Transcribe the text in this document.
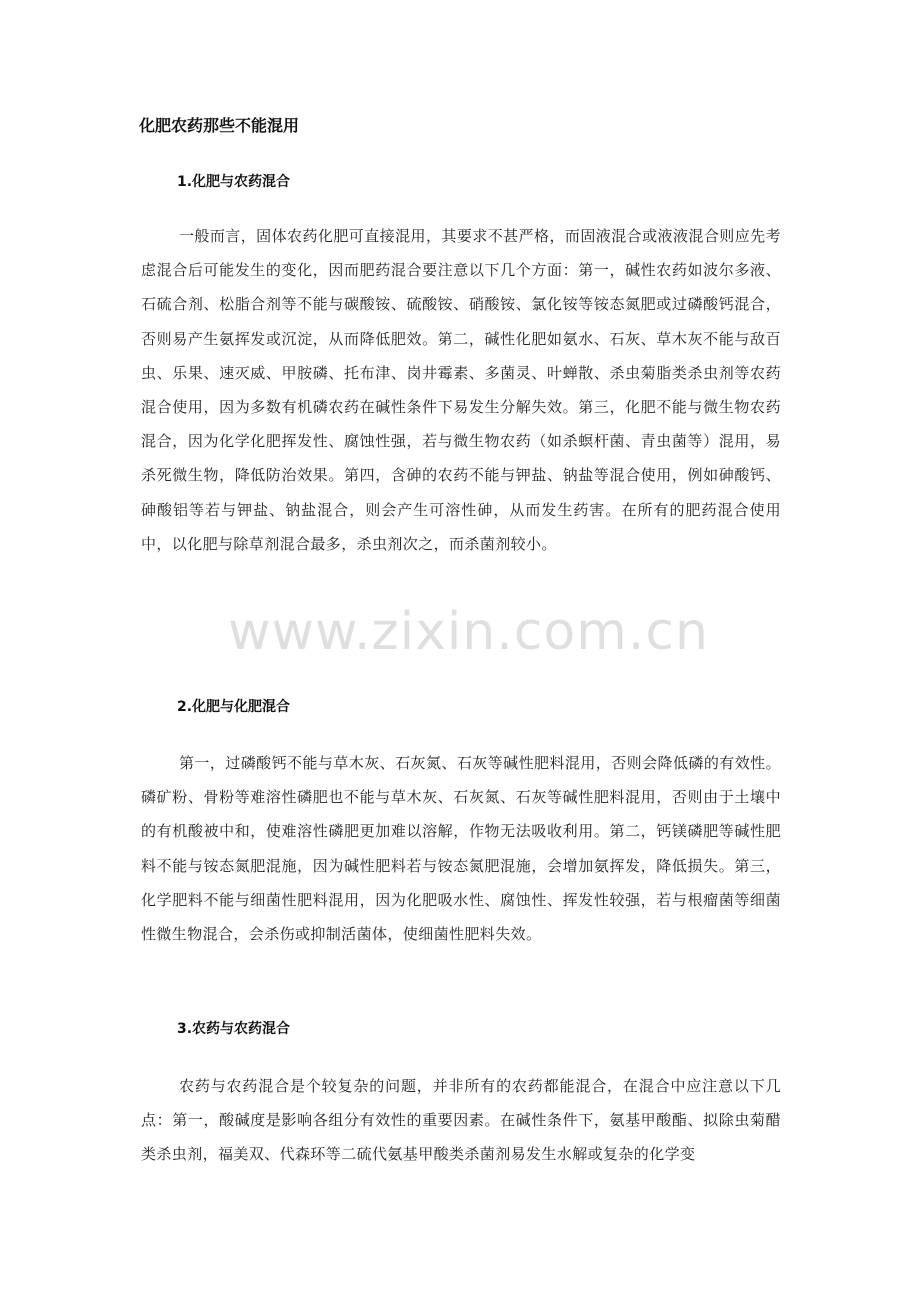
化肥农药那些不能混用
1.化肥与农药混合

一般而言，固体农药化肥可直接混用，其要求不甚严格，而固液混合或液液混合则应先考虑混合后可能发生的变化，因而肥药混合要注意以下几个方面：第一，碱性农药如波尔多液、石硫合剂、松脂合剂等不能与碳酸铵、硫酸铵、硝酸铵、氯化铵等铵态氮肥或过磷酸钙混合，否则易产生氨挥发或沉淀，从而降低肥效。第二，碱性化肥如氨水、石灰、草木灰不能与敌百虫、乐果、速灭威、甲胺磷、托布津、岗井霉素、多菌灵、叶蝉散、杀虫菊脂类杀虫剂等农药混合使用，因为多数有机磷农药在碱性条件下易发生分解失效。第三，化肥不能与微生物农药混合，因为化学化肥挥发性、腐蚀性强，若与微生物农药（如杀螟杆菌、青虫菌等）混用，易杀死微生物，降低防治效果。第四，含砷的农药不能与钾盐、钠盐等混合使用，例如砷酸钙、砷酸铝等若与钾盐、钠盐混合，则会产生可溶性砷，从而发生药害。在所有的肥药混合使用中，以化肥与除草剂混合最多，杀虫剂次之，而杀菌剂较小。

2.化肥与化肥混合

第一，过磷酸钙不能与草木灰、石灰氮、石灰等碱性肥料混用，否则会降低磷的有效性。磷矿粉、骨粉等难溶性磷肥也不能与草木灰、石灰氮、石灰等碱性肥料混用，否则由于土壤中的有机酸被中和，使难溶性磷肥更加难以溶解，作物无法吸收利用。第二，钙镁磷肥等碱性肥料不能与铵态氮肥混施，因为碱性肥料若与铵态氮肥混施，会增加氨挥发，降低损失。第三，化学肥料不能与细菌性肥料混用，因为化肥吸水性、腐蚀性、挥发性较强，若与根瘤菌等细菌性微生物混合，会杀伤或抑制活菌体，使细菌性肥料失效。

3.农药与农药混合

农药与农药混合是个较复杂的问题，并非所有的农药都能混合，在混合中应注意以下几点：第一，酸碱度是影响各组分有效性的重要因素。在碱性条件下，氨基甲酸酯、拟除虫菊醋类杀虫剂，福美双、代森环等二硫代氨基甲酸类杀菌剂易发生水解或复杂的化学变

www.zixin.com.cn
